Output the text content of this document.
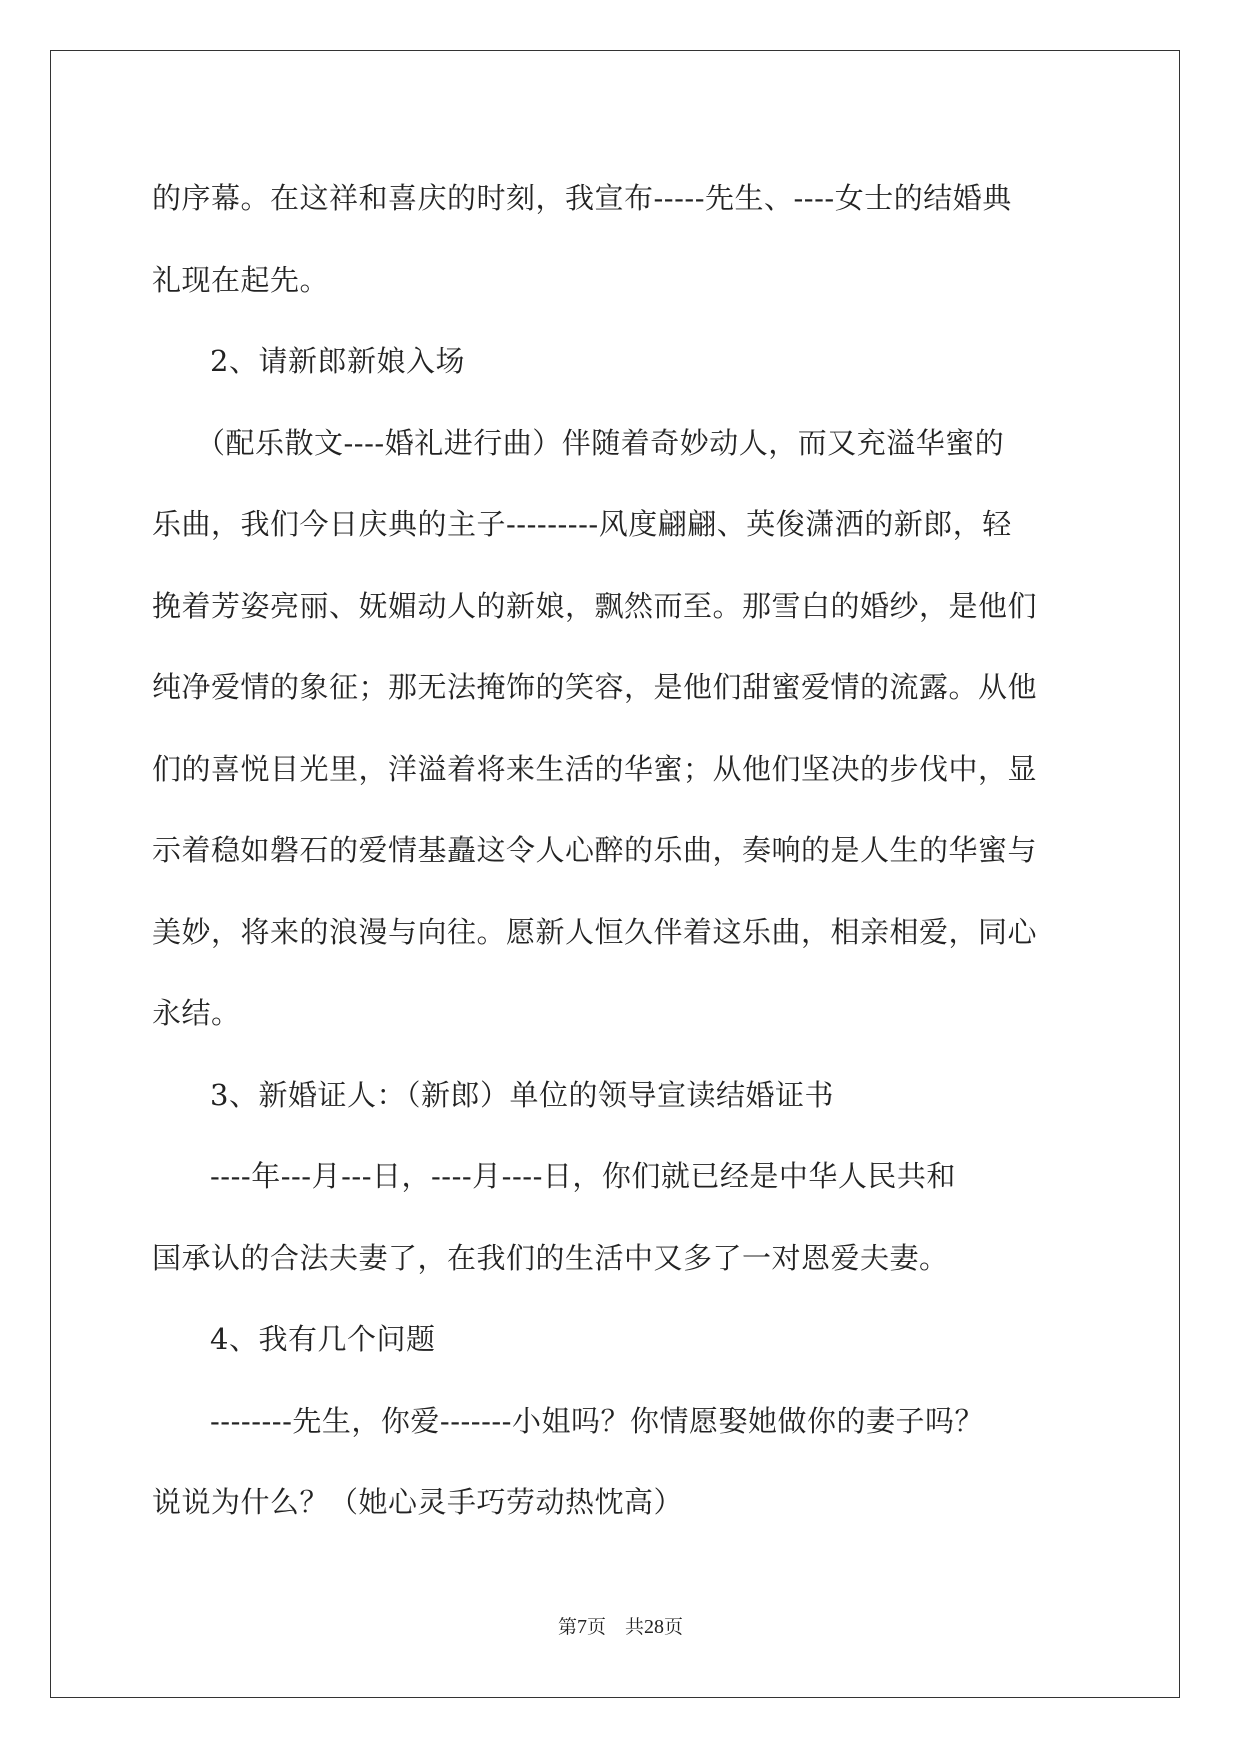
的序幕。在这祥和喜庆的时刻，我宣布-----先生、----女士的结婚典

礼现在起先。

2、请新郎新娘入场

（配乐散文----婚礼进行曲）伴随着奇妙动人，而又充溢华蜜的

乐曲，我们今日庆典的主子---------风度翩翩、英俊潇洒的新郎，轻

挽着芳姿亮丽、妩媚动人的新娘，飘然而至。那雪白的婚纱，是他们

纯净爱情的象征；那无法掩饰的笑容，是他们甜蜜爱情的流露。从他

们的喜悦目光里，洋溢着将来生活的华蜜；从他们坚决的步伐中，显

示着稳如磐石的爱情基矗这令人心醉的乐曲，奏响的是人生的华蜜与

美妙，将来的浪漫与向往。愿新人恒久伴着这乐曲，相亲相爱，同心

永结。

3、新婚证人：（新郎）单位的领导宣读结婚证书

----年---月---日，----月----日，你们就已经是中华人民共和

国承认的合法夫妻了，在我们的生活中又多了一对恩爱夫妻。

4、我有几个问题

--------先生，你爱-------小姐吗？你情愿娶她做你的妻子吗？

说说为什么？（她心灵手巧劳动热忱高）

第7页　共28页
